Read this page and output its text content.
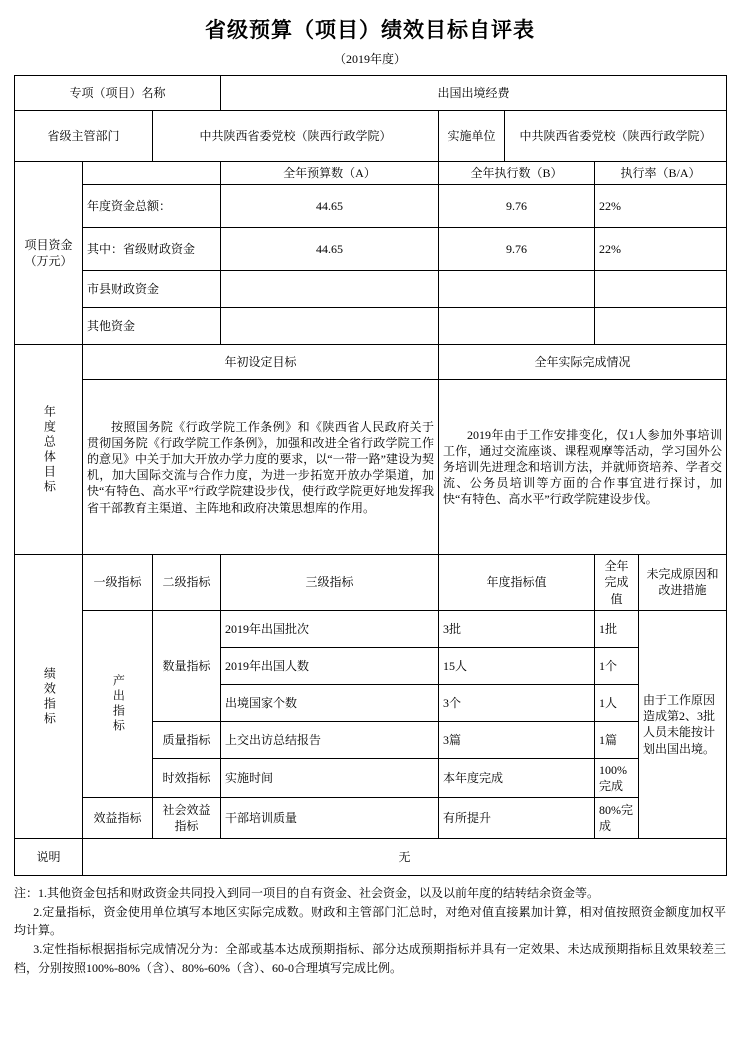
省级预算（项目）绩效目标自评表
（2019年度）
专项（项目）名称			出国出境经费				
省级主管部门		中共陕西省委党校（陕西行政学院）		实施单位	中共陕西省委党校（陕西行政学院）		
项目资金（万元）			全年预算数（A）	全年执行数（B）		执行率（B/A）	
	年度资金总额：		44.65	9.76		22%	
	其中：省级财政资金		44.65	9.76		22%	
	市县财政资金						
	其他资金						

年度总体目标	年初设定目标			全年实际完成情况			
	按照国务院《行政学院工作条例》和《陕西省人民政府关于贯彻国务院《行政学院工作条例》，加强和改进全省行政学院工作的意见》中关于加大开放办学力度的要求，以“一带一路”建设为契机，加大国际交流与合作力度，为进一步拓宽开放办学渠道，加快“有特色、高水平”行政学院建设步伐，使行政学院更好地发挥我省干部教育主渠道、主阵地和政府决策思想库的作用。			2019年由于工作安排变化，仅1人参加外事培训工作，通过交流座谈、课程观摩等活动，学习国外公务培训先进理念和培训方法，并就师资培养、学者交流、公务员培训等方面的合作事宜进行探讨，加快“有特色、高水平”行政学院建设步伐。			

绩效指标	一级指标	二级指标	三级指标	年度指标值		全年完成值	未完成原因和改进措施

	产出指标	数量指标	2019年出国批次	3批		1批	由于工作原因造成第2、3批人员未能按计划出国出境。
			2019年出国人数	15人		1个	
			出境国家个数	3个		1人	
		质量指标	上交出访总结报告	3篇		1篇	
		时效指标	实施时间	本年度完成		100%完成	
	效益指标	社会效益指标	干部培训质量	有所提升		80%完成	
说明	无						

注：1.其他资金包括和财政资金共同投入到同一项目的自有资金、社会资金，以及以前年度的结转结余资金等。

2.定量指标，资金使用单位填写本地区实际完成数。财政和主管部门汇总时，对绝对值直接累加计算，相对值按照资金额度加权平均计算。

3.定性指标根据指标完成情况分为：全部或基本达成预期指标、部分达成预期指标并具有一定效果、未达成预期指标且效果较差三档，分别按照100%-80%（含）、80%-60%（含）、60-0合理填写完成比例。
